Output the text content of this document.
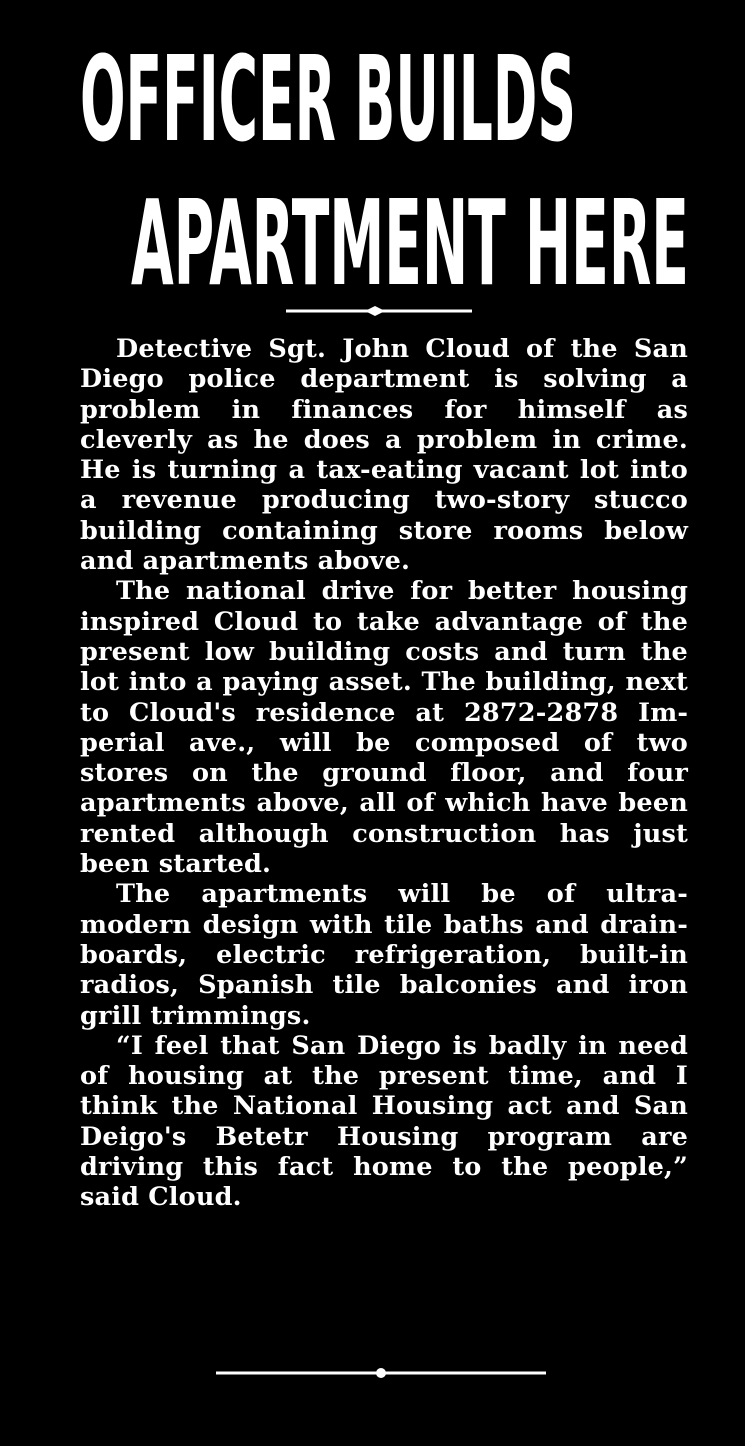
OFFICER BUILDS
APARTMENT HERE

Detective Sgt. John Cloud of the San Diego police department is solving a problem in finances for himself as cleverly as he does a problem in crime. He is turning a tax-eating vacant lot into a revenue producing two-story stucco building containing store rooms below and apartments above.

The national drive for better housing inspired Cloud to take advantage of the present low building costs and turn the lot into a paying asset. The building, next to Cloud's residence at 2872-2878 Imperial ave., will be composed of two stores on the ground floor, and four apartments above, all of which have been rented although construction has just been started.

The apartments will be of ultra-modern design with tile baths and drain-boards, electric refrigeration, built-in radios, Spanish tile balconies and iron grill trimmings.

“I feel that San Diego is badly in need of housing at the present time, and I think the National Housing act and San Deigo's Betetr Housing program are driving this fact home to the people,” said Cloud.
